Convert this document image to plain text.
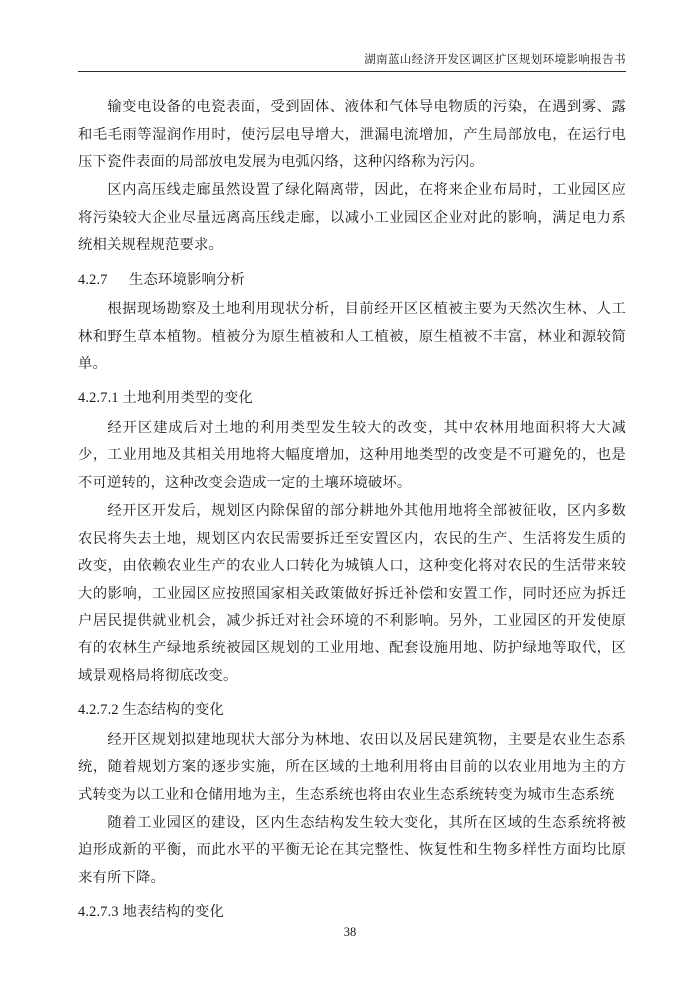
湖南蓝山经济开发区调区扩区规划环境影响报告书

输变电设备的电瓷表面，受到固体、液体和气体导电物质的污染，在遇到雾、露和毛毛雨等湿润作用时，使污层电导增大，泄漏电流增加，产生局部放电，在运行电压下瓷件表面的局部放电发展为电弧闪络，这种闪络称为污闪。

区内高压线走廊虽然设置了绿化隔离带，因此，在将来企业布局时，工业园区应将污染较大企业尽量远离高压线走廊，以减小工业园区企业对此的影响，满足电力系统相关规程规范要求。

4.2.7 生态环境影响分析

根据现场勘察及土地利用现状分析，目前经开区区植被主要为天然次生林、人工林和野生草本植物。植被分为原生植被和人工植被，原生植被不丰富，林业和源较简单。

4.2.7.1 土地利用类型的变化

经开区建成后对土地的利用类型发生较大的改变，其中农林用地面积将大大减少，工业用地及其相关用地将大幅度增加，这种用地类型的改变是不可避免的，也是不可逆转的，这种改变会造成一定的土壤环境破坏。

经开区开发后，规划区内除保留的部分耕地外其他用地将全部被征收，区内多数农民将失去土地，规划区内农民需要拆迁至安置区内，农民的生产、生活将发生质的改变，由依赖农业生产的农业人口转化为城镇人口，这种变化将对农民的生活带来较大的影响，工业园区应按照国家相关政策做好拆迁补偿和安置工作，同时还应为拆迁户居民提供就业机会，减少拆迁对社会环境的不利影响。另外，工业园区的开发使原有的农林生产绿地系统被园区规划的工业用地、配套设施用地、防护绿地等取代，区域景观格局将彻底改变。

4.2.7.2 生态结构的变化

经开区规划拟建地现状大部分为林地、农田以及居民建筑物，主要是农业生态系统，随着规划方案的逐步实施，所在区域的土地利用将由目前的以农业用地为主的方式转变为以工业和仓储用地为主，生态系统也将由农业生态系统转变为城市生态系统

随着工业园区的建设，区内生态结构发生较大变化，其所在区域的生态系统将被迫形成新的平衡，而此水平的平衡无论在其完整性、恢复性和生物多样性方面均比原来有所下降。

4.2.7.3 地表结构的变化
38
